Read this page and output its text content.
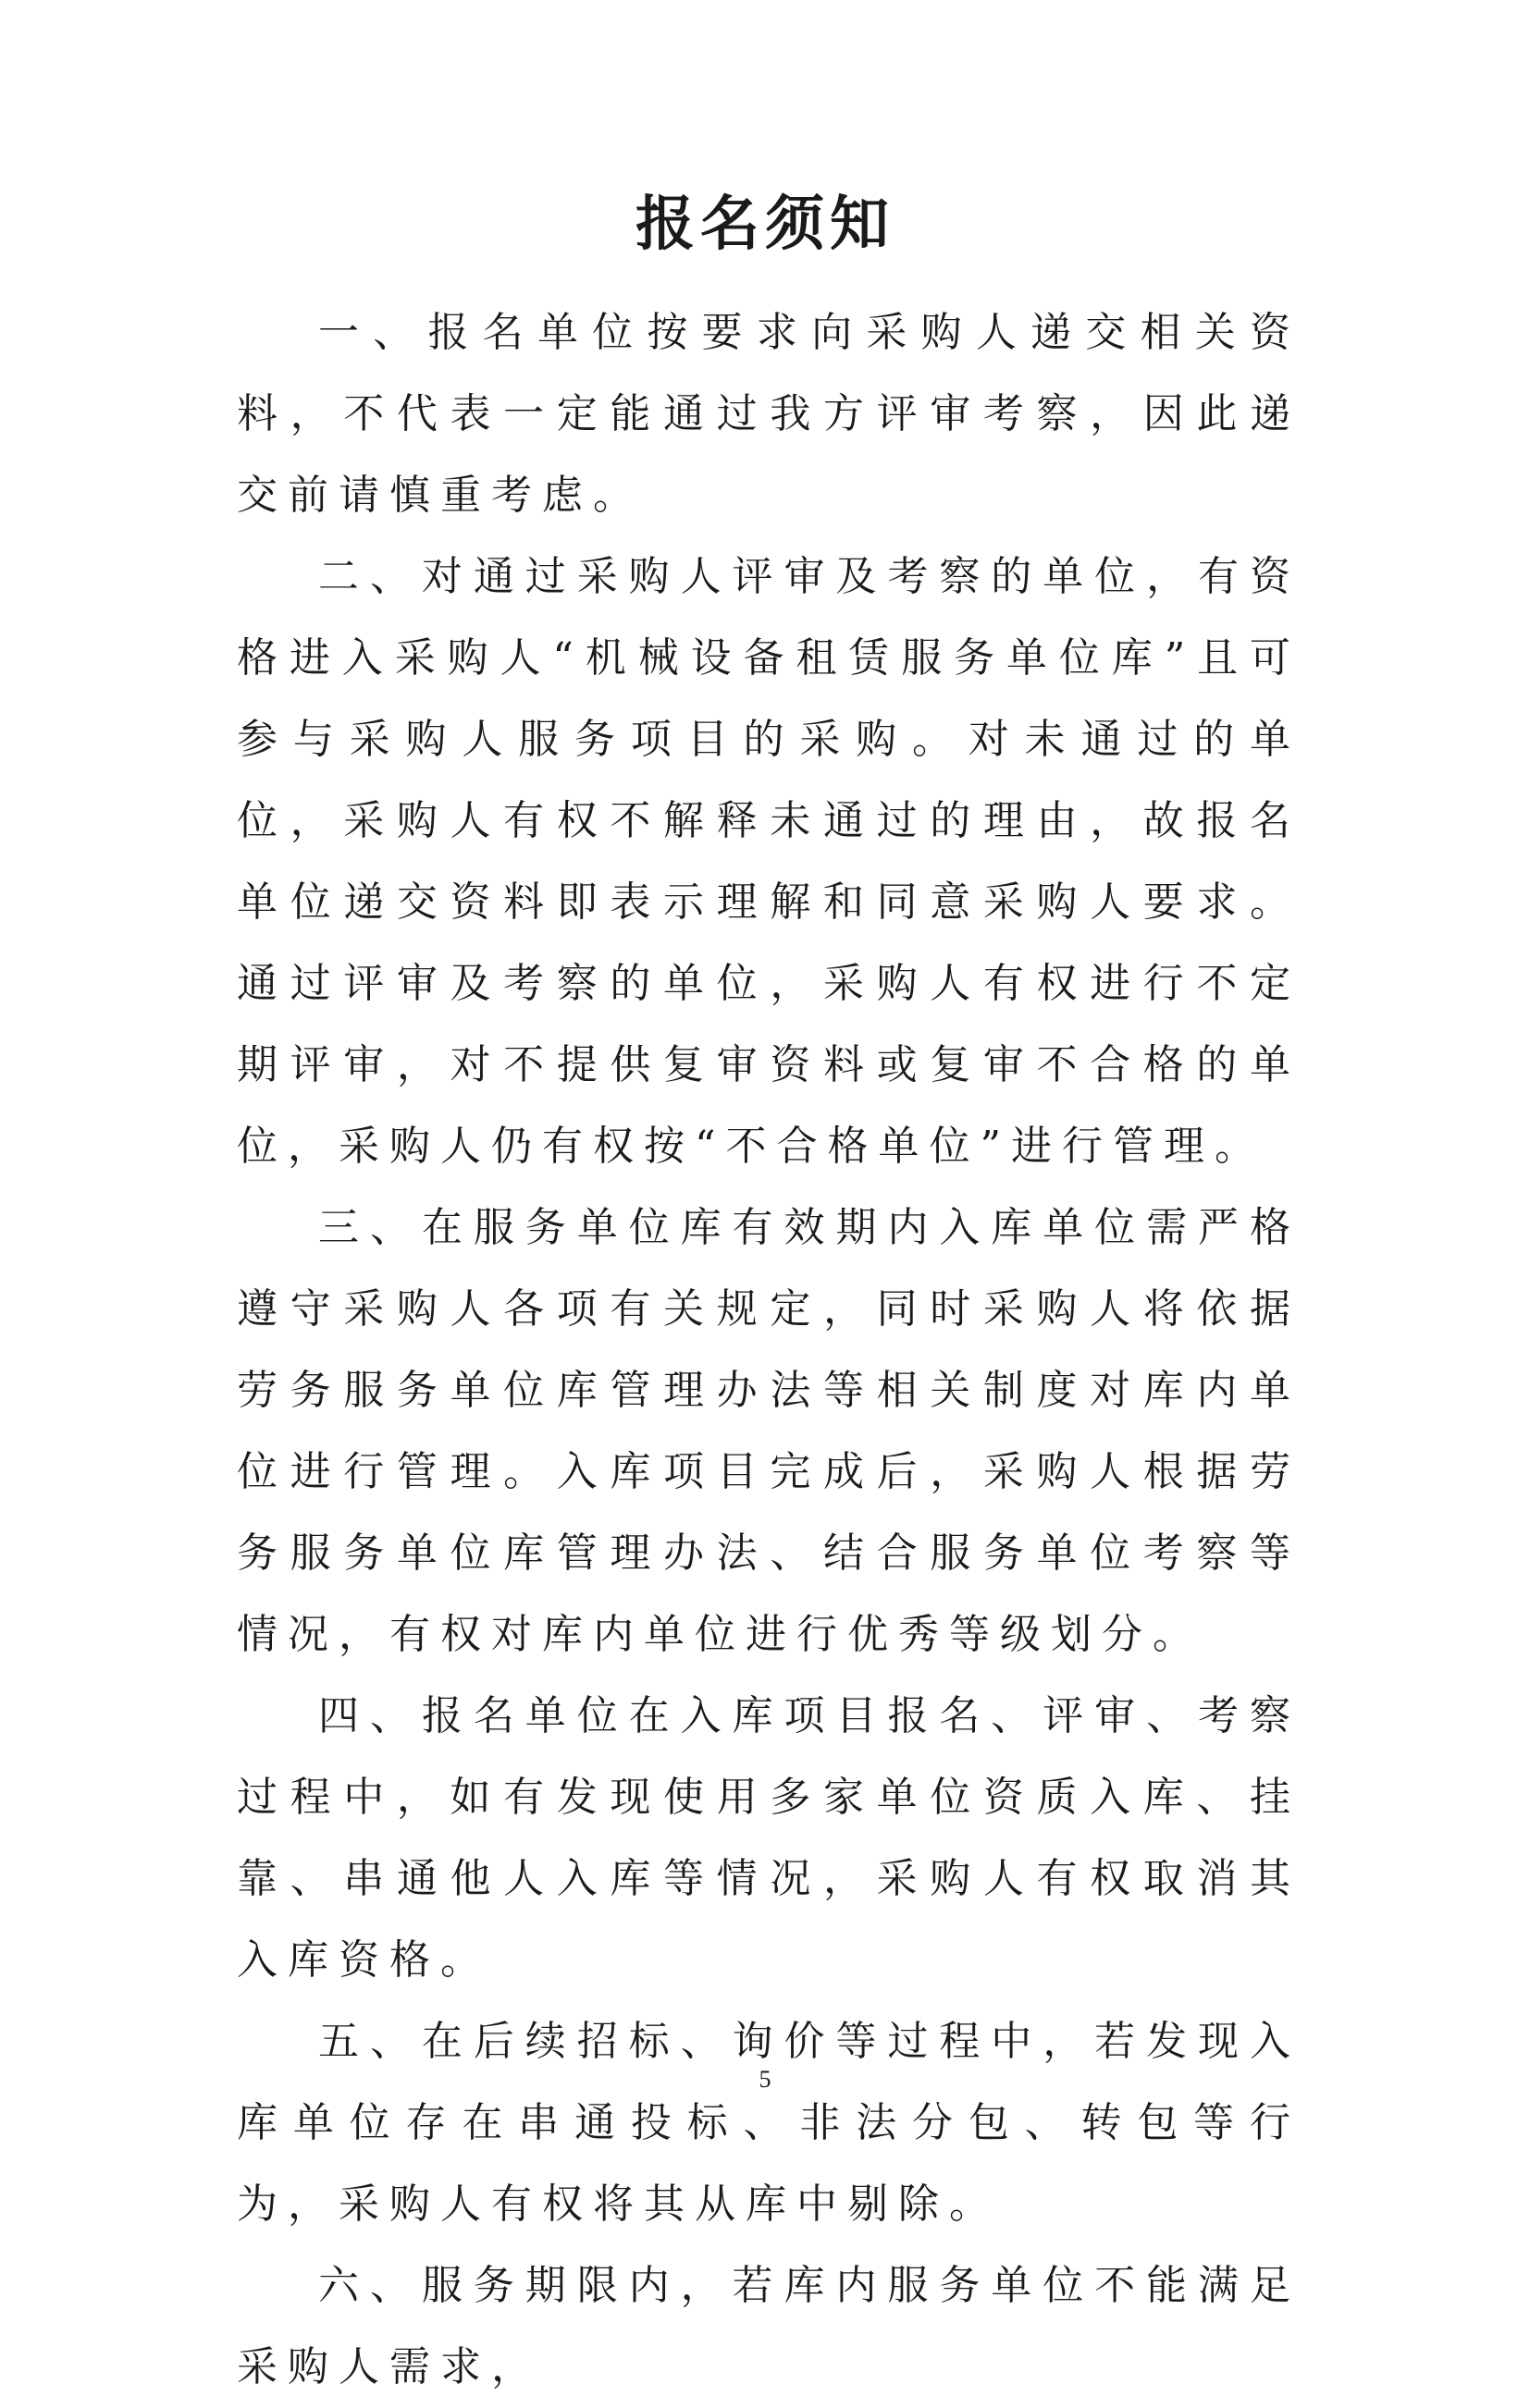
报名须知

一、报名单位按要求向采购人递交相关资料，不代表一定能通过我方评审考察，因此递交前请慎重考虑。

二、对通过采购人评审及考察的单位，有资格进入采购人“机械设备租赁服务单位库”且可参与采购人服务项目的采购。对未通过的单位，采购人有权不解释未通过的理由，故报名单位递交资料即表示理解和同意采购人要求。通过评审及考察的单位，采购人有权进行不定期评审，对不提供复审资料或复审不合格的单位，采购人仍有权按“不合格单位”进行管理。

三、在服务单位库有效期内入库单位需严格遵守采购人各项有关规定，同时采购人将依据劳务服务单位库管理办法等相关制度对库内单位进行管理。入库项目完成后，采购人根据劳务服务单位库管理办法、结合服务单位考察等情况，有权对库内单位进行优秀等级划分。

四、报名单位在入库项目报名、评审、考察过程中，如有发现使用多家单位资质入库、挂靠、串通他人入库等情况，采购人有权取消其入库资格。

五、在后续招标、询价等过程中，若发现入库单位存在串通投标、非法分包、转包等行为，采购人有权将其从库中剔除。

六、服务期限内，若库内服务单位不能满足采购人需求，

5
